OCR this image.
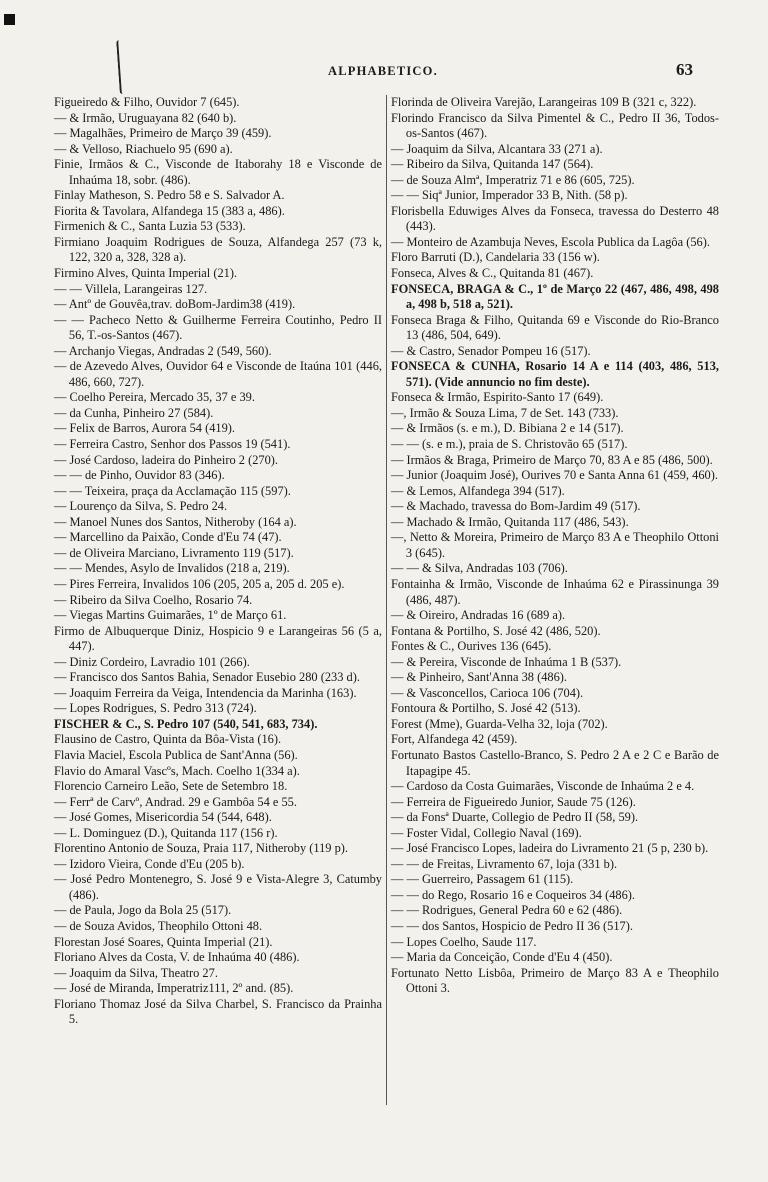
ALPHABETICO.	63

Figueiredo & Filho, Ouvidor 7 (645).

— & Irmão, Uruguayana 82 (640 b).

— Magalhães, Primeiro de Março 39 (459).

— & Velloso, Riachuelo 95 (690 a).

Finie, Irmãos & C., Visconde de Itaborahy 18 e Visconde de Inhaúma 18, sobr. (486).

Finlay Matheson, S. Pedro 58 e S. Salvador A.

Fiorita & Tavolara, Alfandega 15 (383 a, 486).

Firmenich & C., Santa Luzia 53 (533).

Firmiano Joaquim Rodrigues de Souza, Alfandega 257 (73 k, 122, 320 a, 328, 328 a).

Firmino Alves, Quinta Imperial (21).

— — Villela, Larangeiras 127.

— Antº de Gouvêa,trav. doBom-Jardim38 (419).

— — Pacheco Netto & Guilherme Ferreira Coutinho, Pedro II 56, T.-os-Santos (467).

— Archanjo Viegas, Andradas 2 (549, 560).

— de Azevedo Alves, Ouvidor 64 e Visconde de Itaúna 101 (446, 486, 660, 727).

— Coelho Pereira, Mercado 35, 37 e 39.

— da Cunha, Pinheiro 27 (584).

— Felix de Barros, Aurora 54 (419).

— Ferreira Castro, Senhor dos Passos 19 (541).

— José Cardoso, ladeira do Pinheiro 2 (270).

— — de Pinho, Ouvidor 83 (346).

— — Teixeira, praça da Acclamação 115 (597).

— Lourenço da Silva, S. Pedro 24.

— Manoel Nunes dos Santos, Nitheroby (164 a).

— Marcellino da Paixão, Conde d'Eu 74 (47).

— de Oliveira Marciano, Livramento 119 (517).

— — Mendes, Asylo de Invalidos (218 a, 219).

— Pires Ferreira, Invalidos 106 (205, 205 a, 205 d. 205 e).

— Ribeiro da Silva Coelho, Rosario 74.

— Viegas Martins Guimarães, 1º de Março 61.

Firmo de Albuquerque Diniz, Hospicio 9 e Larangeiras 56 (5 a, 447).

— Diniz Cordeiro, Lavradio 101 (266).

— Francisco dos Santos Bahia, Senador Eusebio 280 (233 d).

— Joaquim Ferreira da Veiga, Intendencia da Marinha (163).

— Lopes Rodrigues, S. Pedro 313 (724).

FISCHER & C., S. Pedro 107 (540, 541, 683, 734).

Flausino de Castro, Quinta da Bôa-Vista (16).

Flavia Maciel, Escola Publica de Sant'Anna (56).

Flavio do Amaral Vascºs, Mach. Coelho 1(334 a).

Florencio Carneiro Leão, Sete de Setembro 18.

— Ferrª de Carvº, Andrad. 29 e Gambôa 54 e 55.

— José Gomes, Misericordia 54 (544, 648).

— L. Dominguez (D.), Quitanda 117 (156 r).

Florentino Antonio de Souza, Praia 117, Nitheroby (119 p).

— Izidoro Vieira, Conde d'Eu (205 b).

— José Pedro Montenegro, S. José 9 e Vista-Alegre 3, Catumby (486).

— de Paula, Jogo da Bola 25 (517).

— de Souza Avidos, Theophilo Ottoni 48.

Florestan José Soares, Quinta Imperial (21).

Floriano Alves da Costa, V. de Inhaúma 40 (486).

— Joaquim da Silva, Theatro 27.

— José de Miranda, Imperatriz111, 2º and. (85).

Floriano Thomaz José da Silva Charbel, S. Francisco da Prainha 5.

Florinda de Oliveira Varejão, Larangeiras 109 B (321 c, 322).

Florindo Francisco da Silva Pimentel & C., Pedro II 36, Todos-os-Santos (467).

— Joaquim da Silva, Alcantara 33 (271 a).

— Ribeiro da Silva, Quitanda 147 (564).

— de Souza Almª, Imperatriz 71 e 86 (605, 725).

— — Siqª Junior, Imperador 33 B, Nith. (58 p).

Florisbella Eduwiges Alves da Fonseca, travessa do Desterro 48 (443).

— Monteiro de Azambuja Neves, Escola Publica da Lagôa (56).

Floro Barruti (D.), Candelaria 33 (156 w).

Fonseca, Alves & C., Quitanda 81 (467).

FONSECA, BRAGA & C., 1º de Março 22 (467, 486, 498, 498 a, 498 b, 518 a, 521).

Fonseca Braga & Filho, Quitanda 69 e Visconde do Rio-Branco 13 (486, 504, 649).

— & Castro, Senador Pompeu 16 (517).

FONSECA & CUNHA, Rosario 14 A e 114 (403, 486, 513, 571). (Vide annuncio no fim deste).

Fonseca & Irmão, Espirito-Santo 17 (649).

—, Irmão & Souza Lima, 7 de Set. 143 (733).

— & Irmãos (s. e m.), D. Bibiana 2 e 14 (517).

— — (s. e m.), praia de S. Christovão 65 (517).

— Irmãos & Braga, Primeiro de Março 70, 83 A e 85 (486, 500).

— Junior (Joaquim José), Ourives 70 e Santa Anna 61 (459, 460).

— & Lemos, Alfandega 394 (517).

— & Machado, travessa do Bom-Jardim 49 (517).

— Machado & Irmão, Quitanda 117 (486, 543).

—, Netto & Moreira, Primeiro de Março 83 A e Theophilo Ottoni 3 (645).

— — & Silva, Andradas 103 (706).

Fontainha & Irmão, Visconde de Inhaúma 62 e Pirassinunga 39 (486, 487).

— & Oireiro, Andradas 16 (689 a).

Fontana & Portilho, S. José 42 (486, 520).

Fontes & C., Ourives 136 (645).

— & Pereira, Visconde de Inhaúma 1 B (537).

— & Pinheiro, Sant'Anna 38 (486).

— & Vasconcellos, Carioca 106 (704).

Fontoura & Portilho, S. José 42 (513).

Forest (Mme), Guarda-Velha 32, loja (702).

Fort, Alfandega 42 (459).

Fortunato Bastos Castello-Branco, S. Pedro 2 A e 2 C e Barão de Itapagipe 45.

— Cardoso da Costa Guimarães, Visconde de Inhaúma 2 e 4.

— Ferreira de Figueiredo Junior, Saude 75 (126).

— da Fonsª Duarte, Collegio de Pedro II (58, 59).

— Foster Vidal, Collegio Naval (169).

— José Francisco Lopes, ladeira do Livramento 21 (5 p, 230 b).

— — de Freitas, Livramento 67, loja (331 b).

— — Guerreiro, Passagem 61 (115).

— — do Rego, Rosario 16 e Coqueiros 34 (486).

— — Rodrigues, General Pedra 60 e 62 (486).

— — dos Santos, Hospicio de Pedro II 36 (517).

— Lopes Coelho, Saude 117.

— Maria da Conceição, Conde d'Eu 4 (450).

Fortunato Netto Lisbôa, Primeiro de Março 83 A e Theophilo Ottoni 3.
